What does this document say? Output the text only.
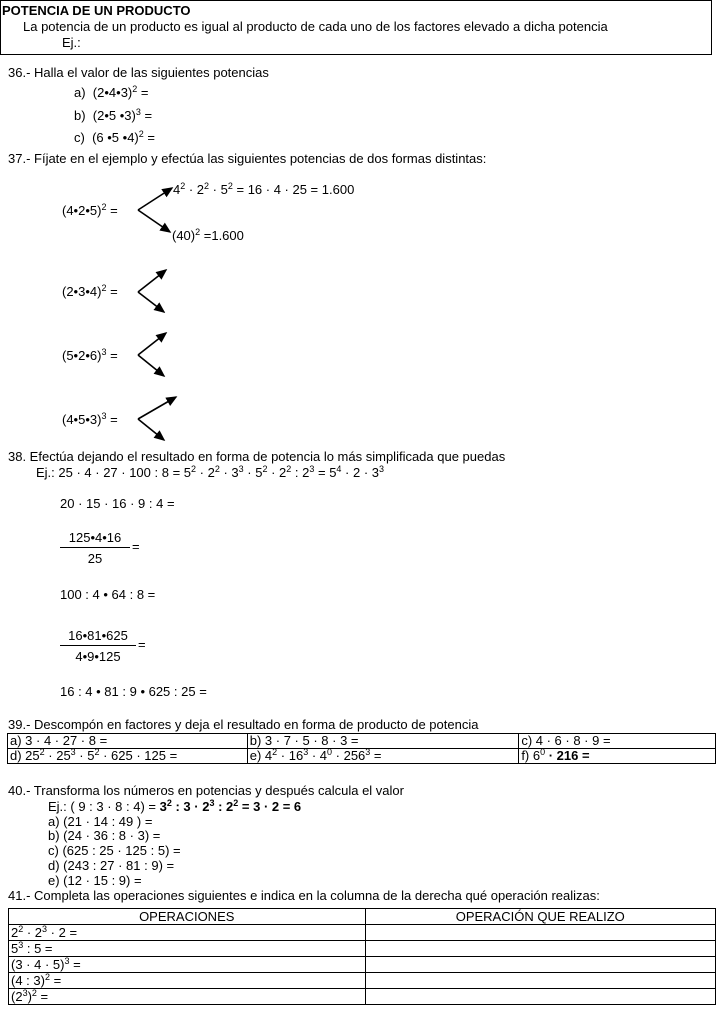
POTENCIA DE UN PRODUCTO
La potencia de un producto es igual al producto de cada uno de los factores elevado a dicha potencia
Ej.:
36.- Halla el valor de las siguientes potencias
a) (2•4•3)$^2$ =
b) (2•5 •3)$^3$ =
c) (6 •5 •4)$^2$ =
37.- Fíjate en el ejemplo y efectúa las siguientes potencias de dos formas distintas:
(4•2•5)$^2$ =
$4^2 \cdot 2^2 \cdot 5^2 = 16 \cdot 4 \cdot 25 = 1.600$
$(40)^2 =1.600$
(2•3•4)$^2$ =
(5•2•6)$^3$ =
(4•5•3)$^3$ =
38. Efectúa dejando el resultado en forma de potencia lo más simplificada que puedas
Ej.: 25 · 4 · 27 · 100 : $8 = 5^2 \cdot 2^2 \cdot 3^3 \cdot 5^2 \cdot 2^2$ : $2^3 = 5^4 \cdot 2 \cdot 3^3$
20 · 15 · 16 · 9 : 4 =
125•4•16
25
=
100 : 4 • 64 : 8 =
16•81•625
4•9•125
=
16 : 4 • 81 : 9 • 625 : 25 =
39.- Descompón en factores y deja el resultado en forma de producto de potencia
a) 3 · 4 · 27 · 8 =	b) 3 · 7 · 5 · 8 · 3 =	c) 4 · 6 · 8 · 9 =
d) $25^2 \cdot 25^3 \cdot 5^2 \cdot 625 \cdot 125$ =	e) $4^2 \cdot 16^3 \cdot 4^0 \cdot 256^3$ =	f) $6^0 \cdot 216$ =
40.- Transforma los números en potencias y después calcula el valor
Ej.: ( 9 : 3 · 8 : $4) = 3^2$ : $3 \cdot 2^3$ : $2^2 = 3 \cdot 2 = 6$
a) (21 · 14 : 49 ) =
b) (24 · 36 : 8 · 3) =
c) (625 : 25 · 125 : 5) =
d) (243 : 27 · 81 : 9) =
e) (12 · 15 : 9) =
41.- Completa las operaciones siguientes e indica en la columna de la derecha qué operación realizas:
OPERACIONES	OPERACIÓN QUE REALIZO
$2^2 \cdot 2^3 \cdot 2$ =	
$5^3$ : 5 =	
$(3 \cdot 4 \cdot 5)^3$ =	
(4 : 3)$^2$ =	
$(2^3)^2$ =	
